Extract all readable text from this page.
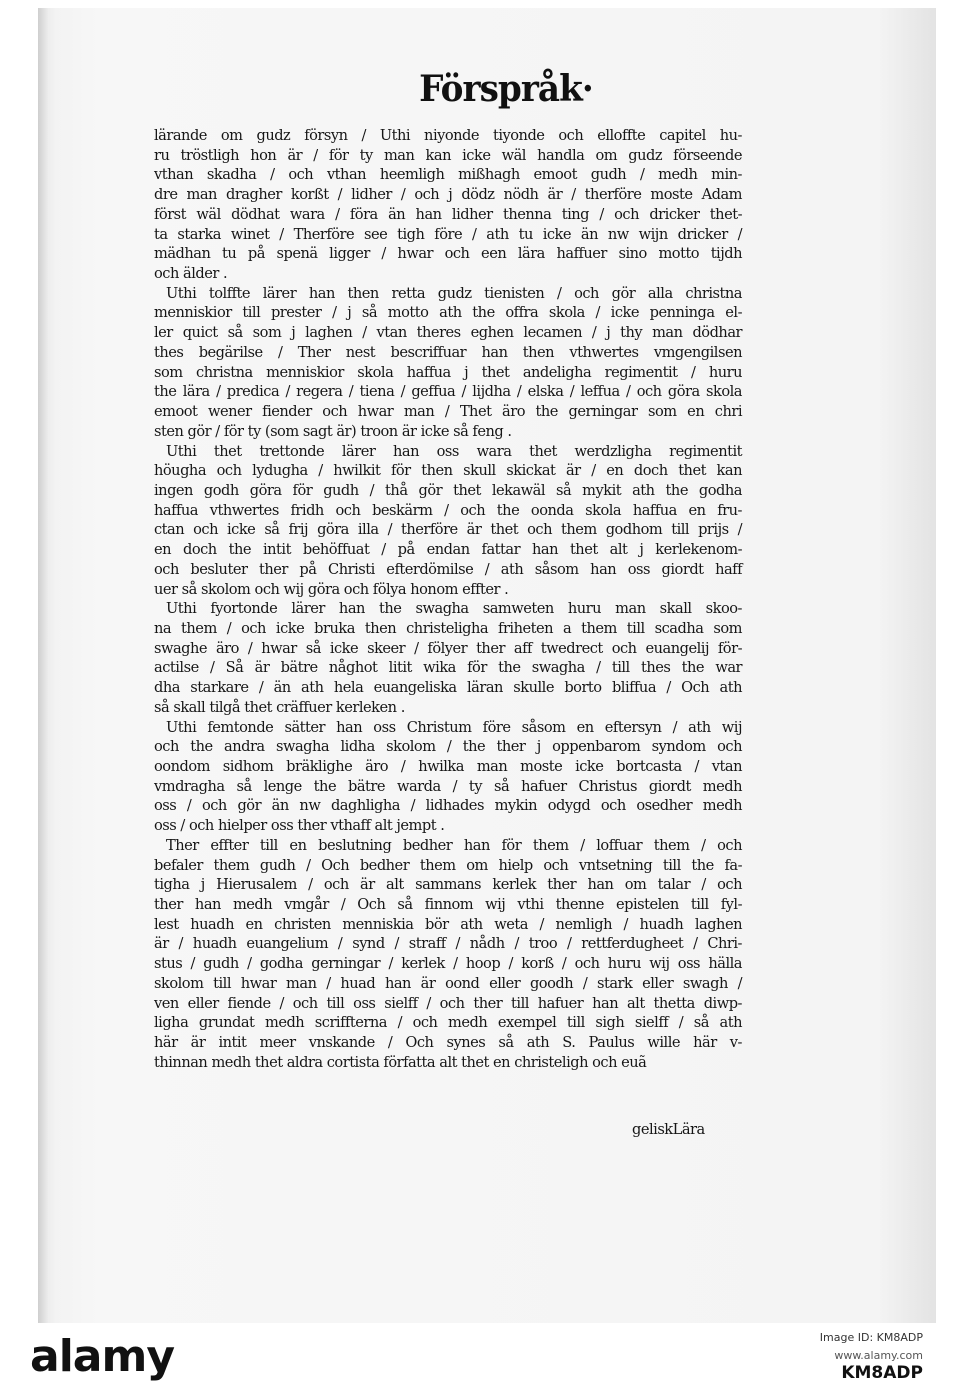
Förspråk·
lärande om gudz försyn / Uthi niyonde tiyonde och elloffte capitel hu-
ru tröstligh hon är / för ty man kan icke wäl handla om gudz förseende
vthan skadha / och vthan heemligh mißhagh emoot gudh / medh min-
dre man dragher korßt / lidher / och j dödz nödh är / therföre moste Adam
först wäl dödhat wara / föra än han lidher thenna ting / och dricker thet-
ta starka winet / Therföre see tigh före / ath tu icke än nw wijn dricker /
mädhan tu på spenä ligger / hwar och een lära haffuer sino motto tijdh
och älder .
Uthi tolffte lärer han then retta gudz tienisten / och gör alla christna
menniskior till prester / j så motto ath the offra skola / icke penninga el-
ler quict så som j laghen / vtan theres eghen lecamen / j thy man dödhar
thes begärilse / Ther nest bescriffuar han then vthwertes vmgengilsen
som christna menniskior skola haffua j thet andeligha regimentit / huru
the lära / predica / regera / tiena / geffua / lijdha / elska / leffua / och göra skola
emoot wener fiender och hwar man / Thet äro the gerningar som en chri
sten gör / för ty (som sagt är) troon är icke så feng .
Uthi thet trettonde lärer han oss wara thet werdzligha regimentit
höugha och lydugha / hwilkit för then skull skickat är / en doch thet kan
ingen godh göra för gudh / thå gör thet lekawäl så mykit ath the godha
haffua vthwertes fridh och beskärm / och the oonda skola haffua en fru-
ctan och icke så frij göra illa / therföre är thet och them godhom till prijs /
en doch the intit behöffuat / på endan fattar han thet alt j kerlekenom-
och besluter ther på Christi efterdömilse / ath såsom han oss giordt haff
uer så skolom och wij göra och fölya honom effter .
Uthi fyortonde lärer han the swagha samweten huru man skall skoo-
na them / och icke bruka then christeligha friheten a them till scadha som
swaghe äro / hwar så icke skeer / fölyer ther aff twedrect och euangelij för-
actilse / Så är bätre någhot litit wika för the swagha / till thes the war
dha starkare / än ath hela euangeliska läran skulle borto bliffua / Och ath
så skall tilgå thet cräffuer kerleken .
Uthi femtonde sätter han oss Christum före såsom en eftersyn / ath wij
och the andra swagha lidha skolom / the ther j oppenbarom syndom och
oondom sidhom bräklighe äro / hwilka man moste icke bortcasta / vtan
vmdragha så lenge the bätre warda / ty så hafuer Christus giordt medh
oss / och gör än nw daghligha / lidhades mykin odygd och osedher medh
oss / och hielper oss ther vthaff alt jempt .
Ther effter till en beslutning bedher han för them / loffuar them / och
befaler them gudh / Och bedher them om hielp och vntsetning till the fa-
tigha j Hierusalem / och är alt sammans kerlek ther han om talar / och
ther han medh vmgår / Och så finnom wij vthi thenne epistelen till fyl-
lest huadh en christen menniskia bör ath weta / nemligh / huadh laghen
är / huadh euangelium / synd / straff / nådh / troo / rettferdugheet / Chri-
stus / gudh / godha gerningar / kerlek / hoop / korß / och huru wij oss hälla
skolom till hwar man / huad han är oond eller goodh / stark eller swagh /
ven eller fiende / och till oss sielff / och ther till hafuer han alt thetta diwp-
ligha grundat medh scriffterna / och medh exempel till sigh sielff / så ath
här är intit meer vnskande / Och synes så ath S. Paulus wille här v-
thinnan medh thet aldra cortista författa alt thet en christeligh och euã
geliskLära
alamy	Image ID: KM8ADP
www.alamy.com
KM8ADP
